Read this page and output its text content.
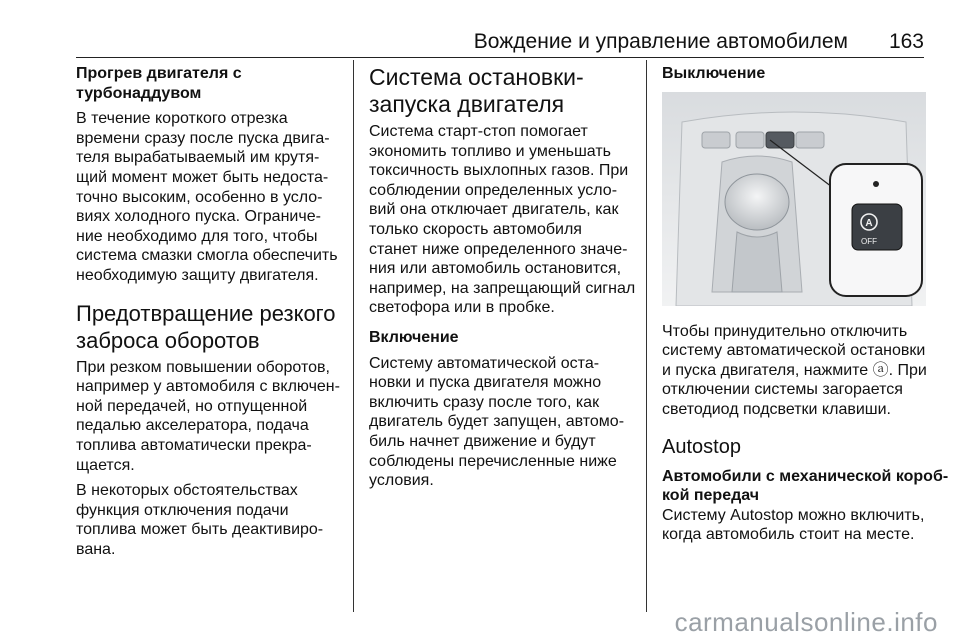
Вождение и управление автомобилем 163
Прогрев двигателя с
турбонаддувом
В течение короткого отрезка
времени сразу после пуска двига-
теля вырабатываемый им крутя-
щий момент может быть недоста-
точно высоким, особенно в усло-
виях холодного пуска. Ограниче-
ние необходимо для того, чтобы
система смазки смогла обеспечить
необходимую защиту двигателя.
Предотвращение резкого
заброса оборотов
При резком повышении оборотов,
например у автомобиля с включен-
ной передачей, но отпущенной
педалью акселератора, подача
топлива автоматически прекра-
щается.
В некоторых обстоятельствах
функция отключения подачи
топлива может быть деактивиро-
вана.
Система остановки-
запуска двигателя
Система старт-стоп помогает
экономить топливо и уменьшать
токсичность выхлопных газов. При
соблюдении определенных усло-
вий она отключает двигатель, как
только скорость автомобиля
станет ниже определенного значе-
ния или автомобиль остановится,
например, на запрещающий сигнал
светофора или в пробке.
Включение
Систему автоматической оста-
новки и пуска двигателя можно
включить сразу после того, как
двигатель будет запущен, автомо-
биль начнет движение и будут
соблюдены перечисленные ниже
условия.
Выключение
A
OFF
Чтобы принудительно отключить
систему автоматической остановки
и пуска двигателя, нажмите ⓐ. При
отключении системы загорается
светодиод подсветки клавиши.
Autostop
Автомобили с механической короб-
кой передач
Систему Autostop можно включить,
когда автомобиль стоит на месте.
carmanualsonline.info
